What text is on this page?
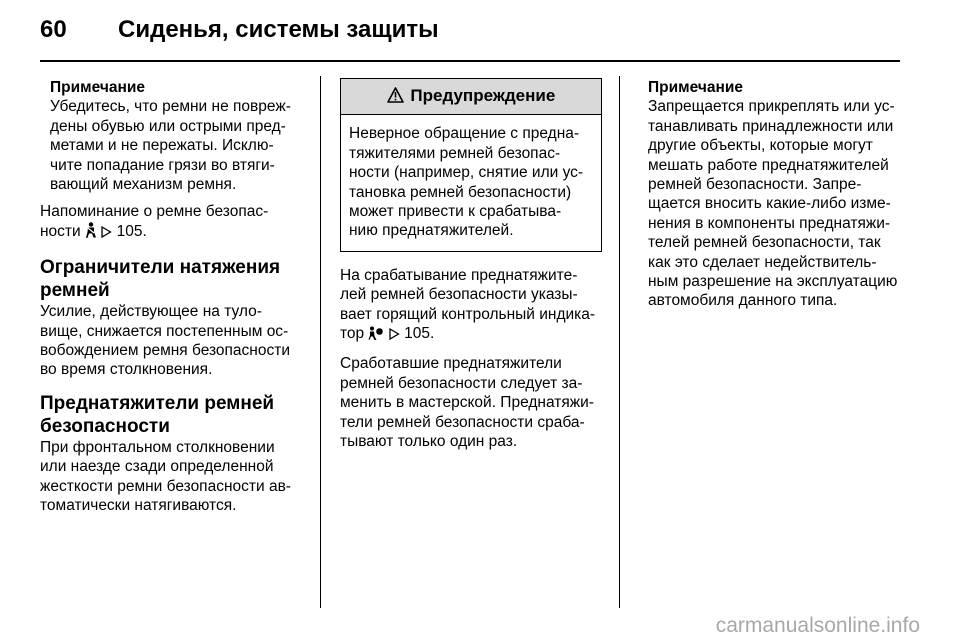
60 Сиденья, системы защиты
Примечание
Убедитесь, что ремни не повреж-
дены обувью или острыми пред-
метами и не пережаты. Исклю-
чите попадание грязи во втяги-
вающий механизм ремня.
Напоминание о ремне безопас-
ности 105.
Ограничители натяжения
ремней
Усилие, действующее на туло-
вище, снижается постепенным ос-
вобождением ремня безопасности
во время столкновения.
Преднатяжители ремней
безопасности
При фронтальном столкновении
или наезде сзади определенной
жесткости ремни безопасности ав-
томатически натягиваются.
Предупреждение
Неверное обращение с предна-
тяжителями ремней безопас-
ности (например, снятие или ус-
тановка ремней безопасности)
может привести к срабатыва-
нию преднатяжителей.
На срабатывание преднатяжите-
лей ремней безопасности указы-
вает горящий контрольный индика-
тор	105.
Сработавшие преднатяжители
ремней безопасности следует за-
менить в мастерской. Преднатяжи-
тели ремней безопасности сраба-
тывают только один раз.
Примечание
Запрещается прикреплять или ус-
танавливать принадлежности или
другие объекты, которые могут
мешать работе преднатяжителей
ремней безопасности. Запре-
щается вносить какие-либо изме-
нения в компоненты преднатяжи-
телей ремней безопасности, так
как это сделает недействитель-
ным разрешение на эксплуатацию
автомобиля данного типа.
carmanualsonline.info
